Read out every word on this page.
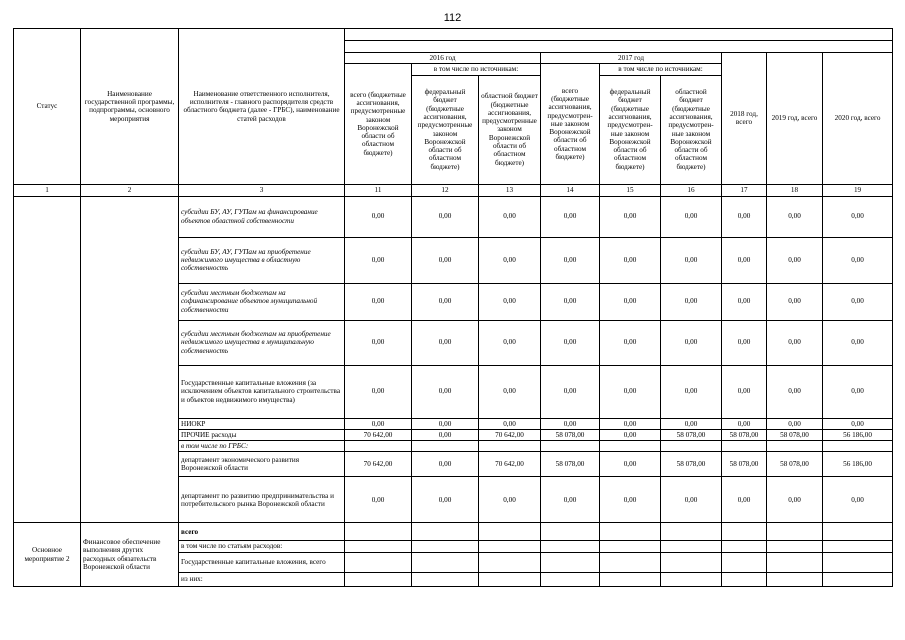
112
Статус	Наименование государственной программы, подпрограммы, основного мероприятия	Наименование ответственного исполнителя, исполнителя - главного распорядителя средств областного бюджета (далее - ГРБС), наименование статей расходов									

			2016 год			2017 год			2018 год, всего	2019 год, всего	2020 год, всего
			всего (бюджетные ассигнования, предусмотренные законом Воронежской области об областном бюджете)	в том числе по источникам:		всего (бюджетные ассигнования, предусмотрен-ные законом Воронежской области об областном бюджете)	в том числе по источникам:				
				федеральный бюджет (бюджетные ассигнования, предусмотренные законом Воронежской области об областном бюджете)	областной бюджет (бюджетные ассигнования, предусмотренные законом Воронежской области об областном бюджете)		федеральный бюджет (бюджетные ассигнования, предусмотрен-ные законом Воронежской области об областном бюджете)	областной бюджет (бюджетные ассигнования, предусмотрен-ные законом Воронежской области об областном бюджете)			
1	2	3	11	12	13	14	15	16	17	18	19
		субсидии БУ, АУ, ГУПам на финансирование объектов областной собственности	0,00	0,00	0,00	0,00	0,00	0,00	0,00	0,00	0,00
		субсидии БУ, АУ, ГУПам на приобретение недвижимого имущества в областную собственность	0,00	0,00	0,00	0,00	0,00	0,00	0,00	0,00	0,00
		субсидии местным бюджетам на софинансирование объектов муниципальной собственности	0,00	0,00	0,00	0,00	0,00	0,00	0,00	0,00	0,00
		субсидии местным бюджетам на приобретение недвижимого имущества в муниципальную собственность	0,00	0,00	0,00	0,00	0,00	0,00	0,00	0,00	0,00
		Государственные капитальные вложения (за исключением объектов капитального строительства и объектов недвижимого имущества)	0,00	0,00	0,00	0,00	0,00	0,00	0,00	0,00	0,00
		НИОКР	0,00	0,00	0,00	0,00	0,00	0,00	0,00	0,00	0,00
		ПРОЧИЕ расходы	70 642,00	0,00	70 642,00	58 078,00	0,00	58 078,00	58 078,00	58 078,00	56 186,00
		в том числе по ГРБС:									
		департамент экономического развития Воронежской области	70 642,00	0,00	70 642,00	58 078,00	0,00	58 078,00	58 078,00	58 078,00	56 186,00
		департамент по развитию предпринимательства и потребительского рынка Воронежской области	0,00	0,00	0,00	0,00	0,00	0,00	0,00	0,00	0,00
Основное мероприятие 2	Финансовое обеспечение выполнения других расходных обязательств Воронежской области	всего									
		в том числе по статьям расходов:									
		Государственные капитальные вложения, всего									
		из них:									
